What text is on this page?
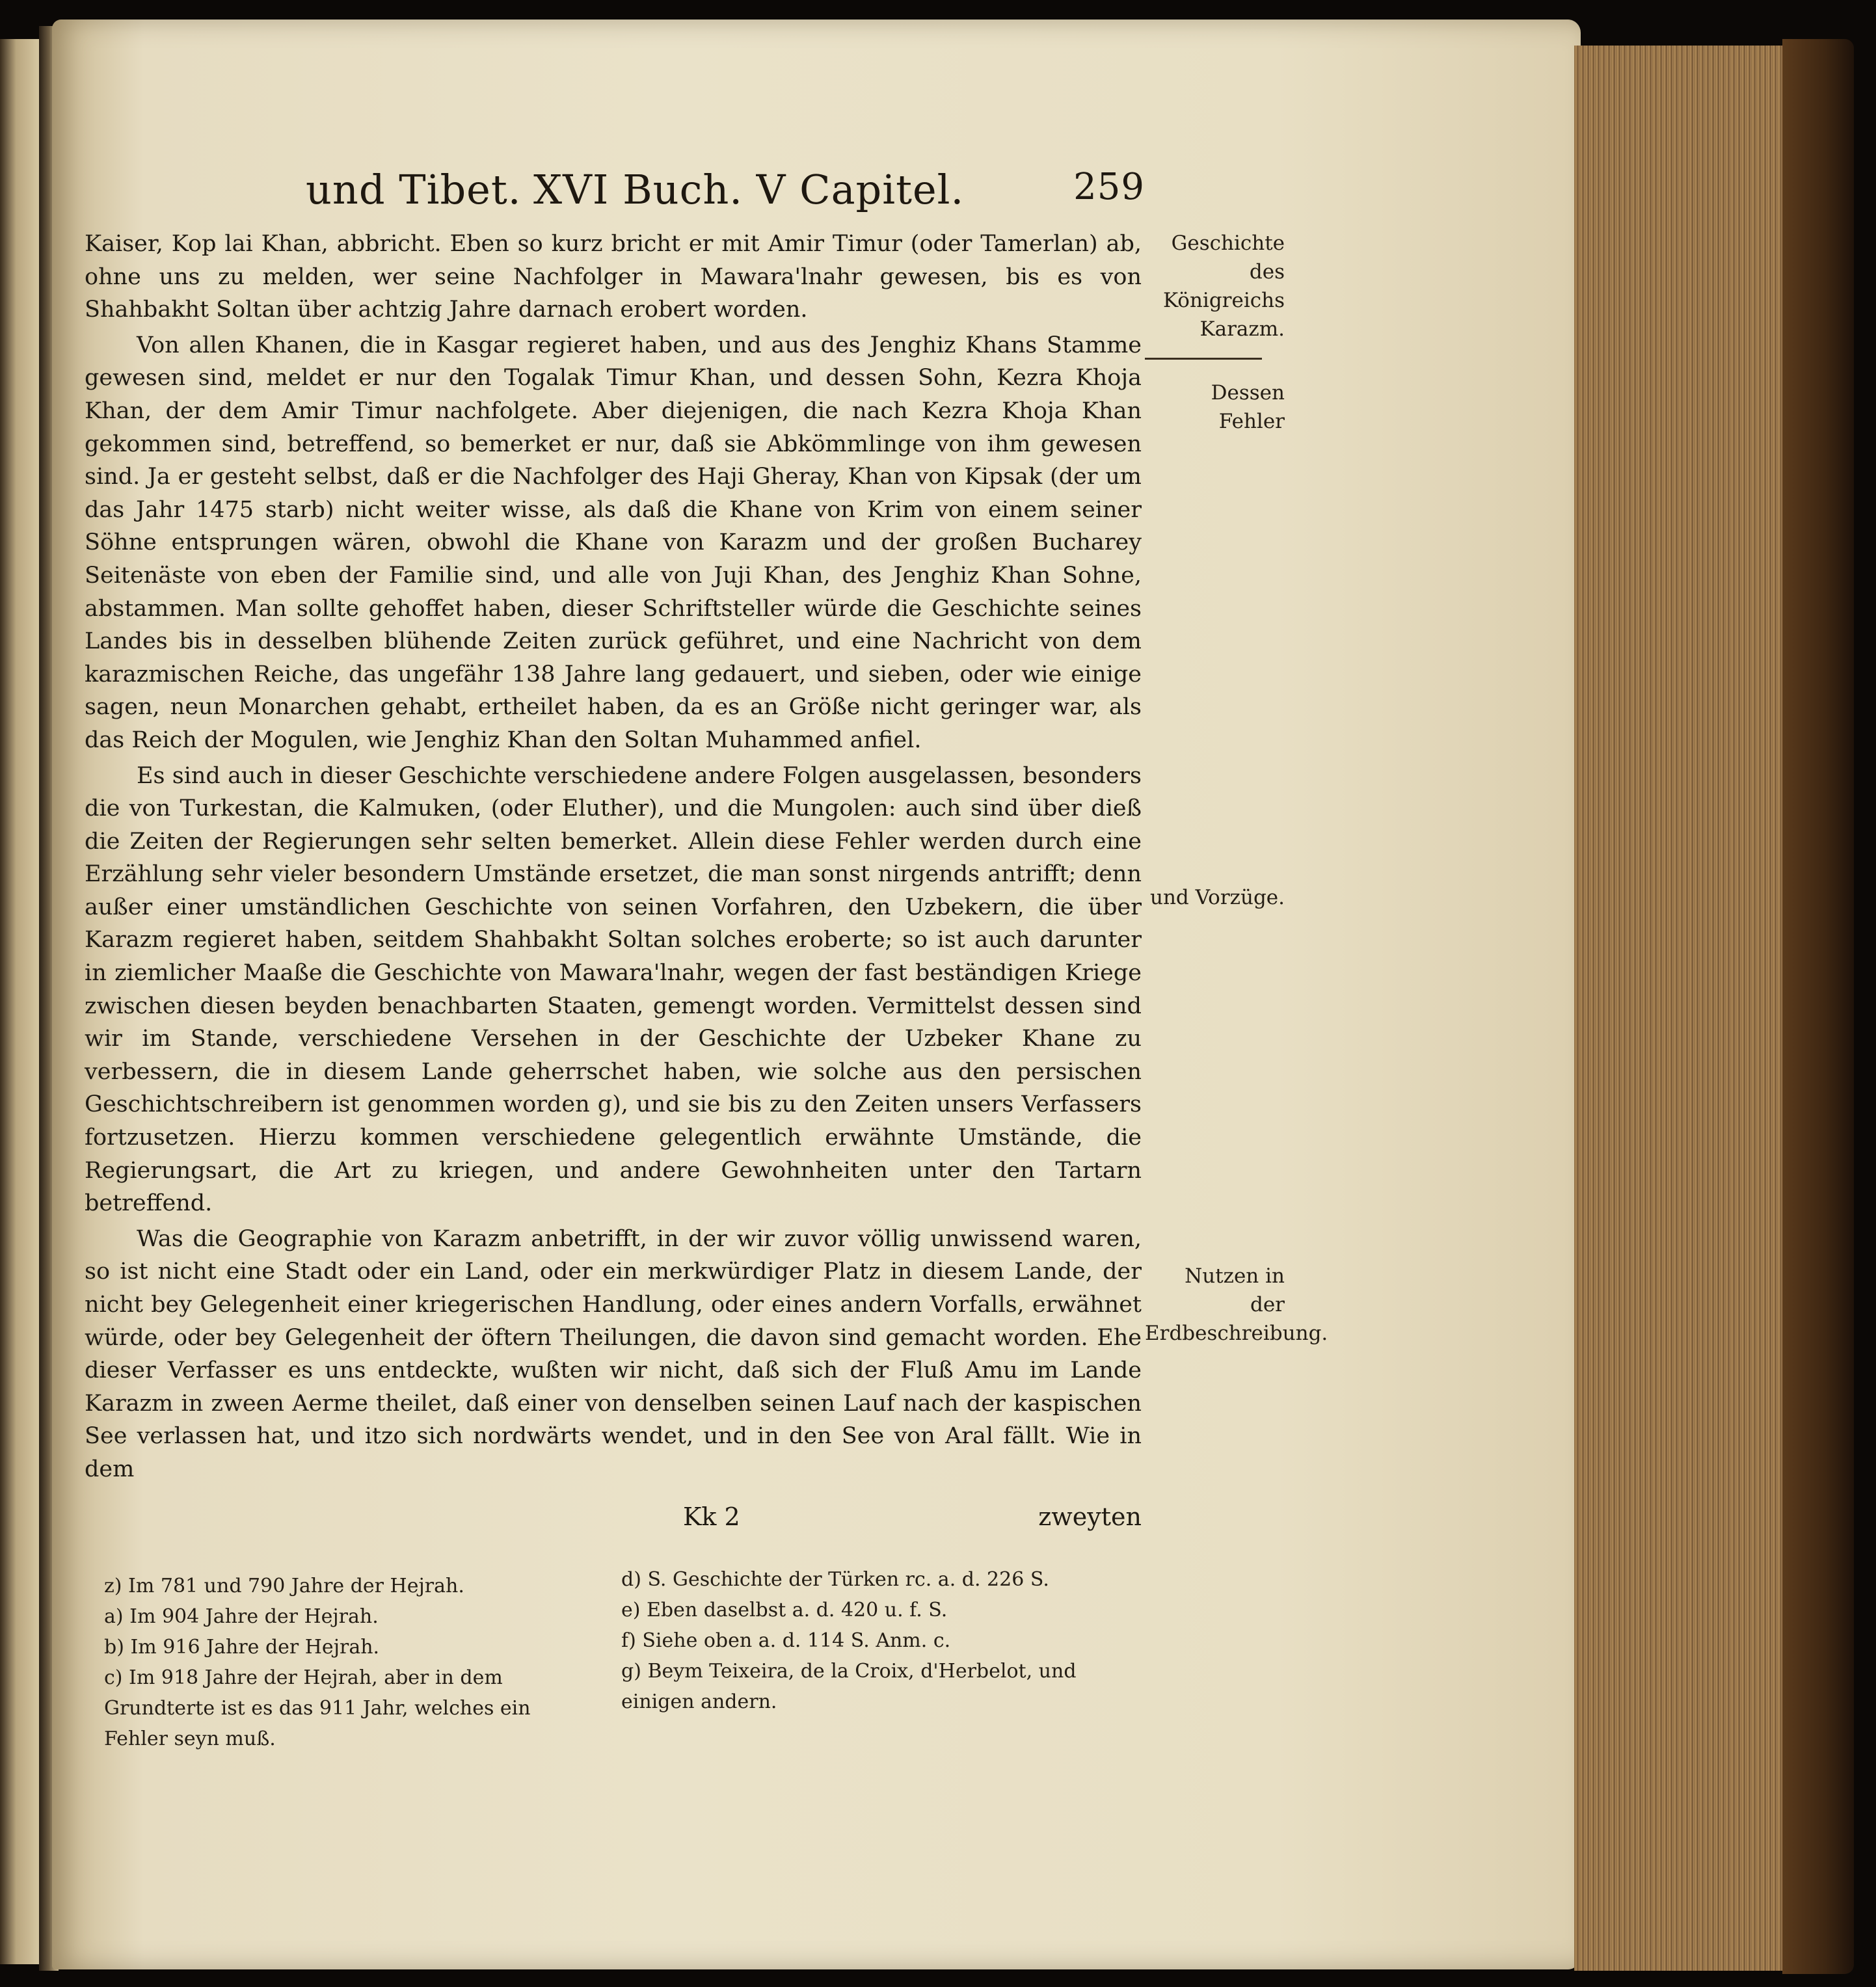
und Tibet. XVI Buch. V Capitel.	259

Kaiser, Kop lai Khan, abbricht. Eben so kurz bricht er mit Amir Timur (oder Tamerlan) ab, ohne uns zu melden, wer seine Nachfolger in Mawara'lnahr gewesen, bis es von Shahbakht Soltan über achtzig Jahre darnach erobert worden.

Von allen Khanen, die in Kasgar regieret haben, und aus des Jenghiz Khans Stamme gewesen sind, meldet er nur den Togalak Timur Khan, und dessen Sohn, Kezra Khoja Khan, der dem Amir Timur nachfolgete. Aber diejenigen, die nach Kezra Khoja Khan gekommen sind, betreffend, so bemerket er nur, daß sie Abkömmlinge von ihm gewesen sind. Ja er gesteht selbst, daß er die Nachfolger des Haji Gheray, Khan von Kipsak (der um das Jahr 1475 starb) nicht weiter wisse, als daß die Khane von Krim von einem seiner Söhne entsprungen wären, obwohl die Khane von Karazm und der großen Bucharey Seitenäste von eben der Familie sind, und alle von Juji Khan, des Jenghiz Khan Sohne, abstammen. Man sollte gehoffet haben, dieser Schriftsteller würde die Geschichte seines Landes bis in desselben blühende Zeiten zurück geführet, und eine Nachricht von dem karazmischen Reiche, das ungefähr 138 Jahre lang gedauert, und sieben, oder wie einige sagen, neun Monarchen gehabt, ertheilet haben, da es an Größe nicht geringer war, als das Reich der Mogulen, wie Jenghiz Khan den Soltan Muhammed anfiel.

Es sind auch in dieser Geschichte verschiedene andere Folgen ausgelassen, besonders die von Turkestan, die Kalmuken, (oder Eluther), und die Mungolen: auch sind über dieß die Zeiten der Regierungen sehr selten bemerket. Allein diese Fehler werden durch eine Erzählung sehr vieler besondern Umstände ersetzet, die man sonst nirgends antrifft; denn außer einer umständlichen Geschichte von seinen Vorfahren, den Uzbekern, die über Karazm regieret haben, seitdem Shahbakht Soltan solches eroberte; so ist auch darunter in ziemlicher Maaße die Geschichte von Mawara'lnahr, wegen der fast beständigen Kriege zwischen diesen beyden benachbarten Staaten, gemengt worden. Vermittelst dessen sind wir im Stande, verschiedene Versehen in der Geschichte der Uzbeker Khane zu verbessern, die in diesem Lande geherrschet haben, wie solche aus den persischen Geschichtschreibern ist genommen worden g), und sie bis zu den Zeiten unsers Verfassers fortzusetzen. Hierzu kommen verschiedene gelegentlich erwähnte Umstände, die Regierungsart, die Art zu kriegen, und andere Gewohnheiten unter den Tartarn betreffend.

Was die Geographie von Karazm anbetrifft, in der wir zuvor völlig unwissend waren, so ist nicht eine Stadt oder ein Land, oder ein merkwürdiger Platz in diesem Lande, der nicht bey Gelegenheit einer kriegerischen Handlung, oder eines andern Vorfalls, erwähnet würde, oder bey Gelegenheit der öftern Theilungen, die davon sind gemacht worden. Ehe dieser Verfasser es uns entdeckte, wußten wir nicht, daß sich der Fluß Amu im Lande Karazm in zween Aerme theilet, daß einer von denselben seinen Lauf nach der kaspischen See verlassen hat, und itzo sich nordwärts wendet, und in den See von Aral fällt. Wie in dem

Kk 2	zweyten
Geschichte des Königreichs Karazm.
Dessen Fehler
und Vorzüge.
Nutzen in der Erdbeschreibung.

z) Im 781 und 790 Jahre der Hejrah.

a) Im 904 Jahre der Hejrah.

b) Im 916 Jahre der Hejrah.

c) Im 918 Jahre der Hejrah, aber in dem Grundterte ist es das 911 Jahr, welches ein Fehler seyn muß.

d) S. Geschichte der Türken rc. a. d. 226 S.

e) Eben daselbst a. d. 420 u. f. S.

f) Siehe oben a. d. 114 S. Anm. c.

g) Beym Teixeira, de la Croix, d'Herbelot, und einigen andern.
